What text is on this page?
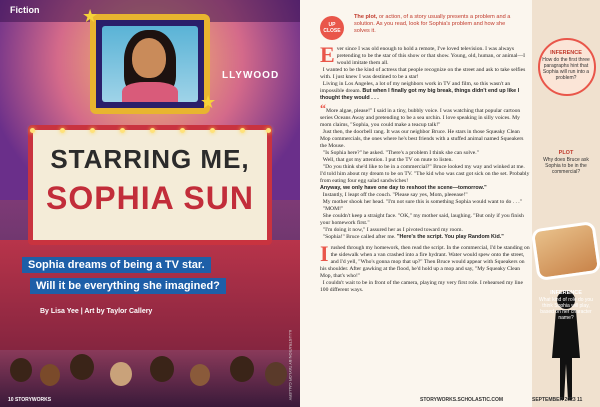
Fiction
LLYWOOD
★
★
STARRING ME,
SOPHIA SUN
Sophia dreams of being a TV star.
Will it be everything she imagined?
By Lisa Yee | Art by Taylor Callery
ILLUSTRATION BY TAYLOR CALLERY
10 STORYWORKS
UP CLOSE
The plot, or action, of a story usually presents a problem and a solution. As you read, look for Sophia's problem and how she solves it.

Ever since I was old enough to hold a remote, I've loved television. I was always pretending to be the star of this show or that show. Young, old, human, or animal—I would imitate them all.

I wanted to be the kind of actress that people recognize on the street and ask to take selfies with. I just knew I was destined to be a star!

Living in Los Angeles, a lot of my neighbors work in TV and film, so this wasn't an impossible dream. But when I finally got my big break, things didn't end up like I thought they would . . .

“More algae, please!" I said in a tiny, bubbly voice. I was watching that popular cartoon series Oceans Away and pretending to be a sea urchin. I love speaking in silly voices. My mom claims, "Sophia, you could make a teacup talk!"

Just then, the doorbell rang. It was our neighbor Bruce. He stars in those Squeaky Clean Mop commercials, the ones where he's best friends with a stuffed animal named Squeakers the Mouse.

"Is Sophia here?" he asked. "There's a problem I think she can solve."

Well, that got my attention. I put the TV on mute to listen.

"Do you think she'd like to be in a commercial?" Bruce looked my way and winked at me. I'd told him about my dream to be on TV. "The kid who was cast got sick on the set. Probably from eating four egg salad sandwiches!

Anyway, we only have one day to reshoot the scene—tomorrow."

Instantly, I leapt off the couch. "Please say yes, Mom, pleeease!"

My mother shook her head. "I'm not sure this is something Sophia would want to do . . ."

"MOM!"

She couldn't keep a straight face. "OK," my mother said, laughing. "But only if you finish your homework first."

"I'm doing it now," I assured her as I pivoted toward my room.

"Sophia!" Bruce called after me. "Here's the script. You play Random Kid."

Irushed through my homework, then read the script. In the commercial, I'd be standing on the sidewalk when a van crashed into a fire hydrant. Water would spew onto the street, and I'd yell, "Who's gonna mop that up?" Then Bruce would appear with Squeakers on his shoulder. After gawking at the flood, he'd hold up a mop and say, "My Squeaky Clean Mop, that's who!"

I couldn't wait to be in front of the camera, playing my very first role. I rehearsed my line 100 different ways.

INFERENCE
How do the first three paragraphs hint that Sophia will run into a problem?
PLOT
Why does Bruce ask Sophia to be in the commercial?
INFERENCE
What kind of role do you think Sophia will play, based on her character name?
STORYWORKS.SCHOLASTIC.COM	SEPTEMBER 2023 11
